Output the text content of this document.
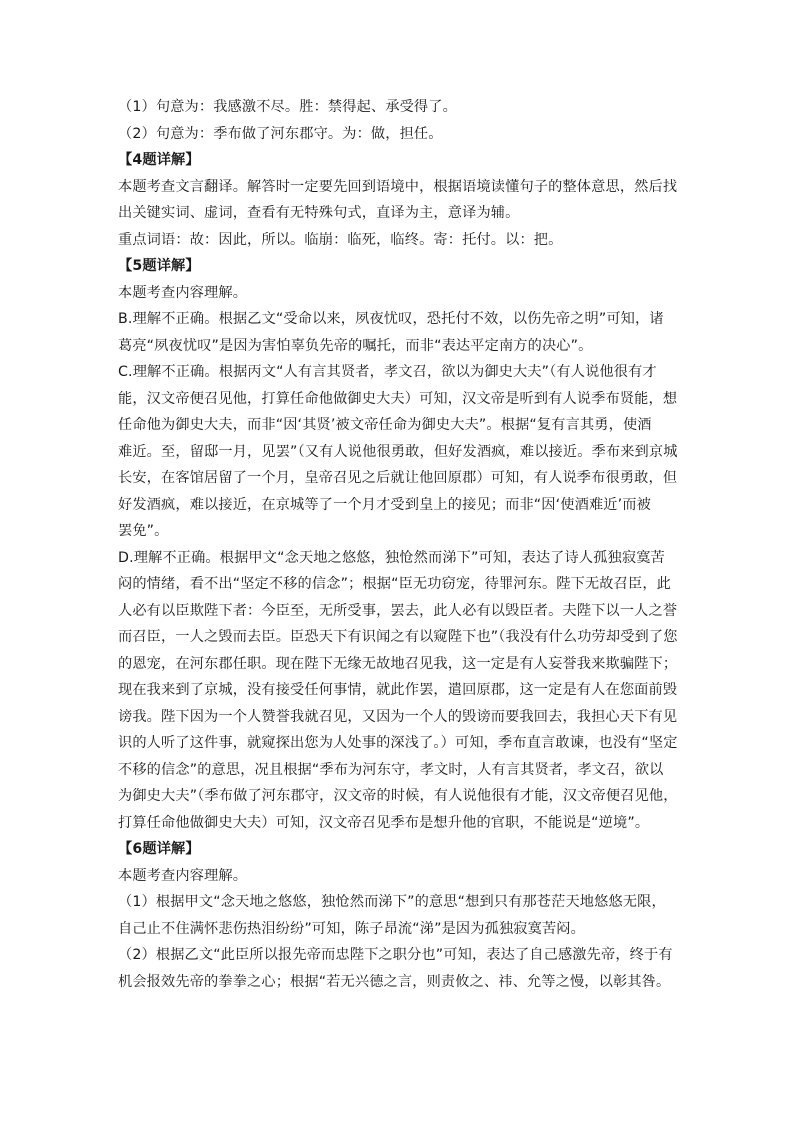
（1）句意为：我感激不尽。胜：禁得起、承受得了。
（2）句意为：季布做了河东郡守。为：做，担任。
【4题详解】
本题考查文言翻译。解答时一定要先回到语境中，根据语境读懂句子的整体意思，然后找
出关键实词、虚词，查看有无特殊句式，直译为主，意译为辅。
重点词语：故：因此，所以。临崩：临死，临终。寄：托付。以：把。
【5题详解】
本题考查内容理解。
B.理解不正确。根据乙文“受命以来，夙夜忧叹，恐托付不效，以伤先帝之明”可知，诸
葛亮“夙夜忧叹”是因为害怕辜负先帝的嘱托，而非“表达平定南方的决心”。
C.理解不正确。根据丙文“人有言其贤者，孝文召，欲以为御史大夫”（有人说他很有才
能，汉文帝便召见他，打算任命他做御史大夫）可知，汉文帝是听到有人说季布贤能，想
任命他为御史大夫，而非“因‘其贤’被文帝任命为御史大夫”。根据“复有言其勇，使酒
难近。至，留邸一月，见罢”（又有人说他很勇敢，但好发酒疯，难以接近。季布来到京城
长安，在客馆居留了一个月，皇帝召见之后就让他回原郡）可知，有人说季布很勇敢，但
好发酒疯，难以接近，在京城等了一个月才受到皇上的接见；而非“因‘使酒难近’而被
罢免”。
D.理解不正确。根据甲文“念天地之悠悠，独怆然而涕下”可知，表达了诗人孤独寂寞苦
闷的情绪，看不出“坚定不移的信念”；根据“臣无功窃宠，待罪河东。陛下无故召臣，此
人必有以臣欺陛下者：今臣至，无所受事，罢去，此人必有以毁臣者。夫陛下以一人之誉
而召臣，一人之毁而去臣。臣恐天下有识闻之有以窥陛下也”（我没有什么功劳却受到了您
的恩宠，在河东郡任职。现在陛下无缘无故地召见我，这一定是有人妄誉我来欺骗陛下；
现在我来到了京城，没有接受任何事情，就此作罢，遣回原郡，这一定是有人在您面前毁
谤我。陛下因为一个人赞誉我就召见，又因为一个人的毁谤而要我回去，我担心天下有见
识的人听了这件事，就窥探出您为人处事的深浅了。）可知，季布直言敢谏，也没有“坚定
不移的信念”的意思，况且根据“季布为河东守，孝文时，人有言其贤者，孝文召，欲以
为御史大夫”（季布做了河东郡守，汉文帝的时候，有人说他很有才能，汉文帝便召见他，
打算任命他做御史大夫）可知，汉文帝召见季布是想升他的官职，不能说是“逆境”。
【6题详解】
本题考查内容理解。
（1）根据甲文“念天地之悠悠，独怆然而涕下”的意思“想到只有那苍茫天地悠悠无限，
自己止不住满怀悲伤热泪纷纷”可知，陈子昂流“涕”是因为孤独寂寞苦闷。
（2）根据乙文“此臣所以报先帝而忠陛下之职分也”可知，表达了自己感激先帝，终于有
机会报效先帝的拳拳之心；根据“若无兴德之言，则责攸之、祎、允等之慢，以彰其咎。
